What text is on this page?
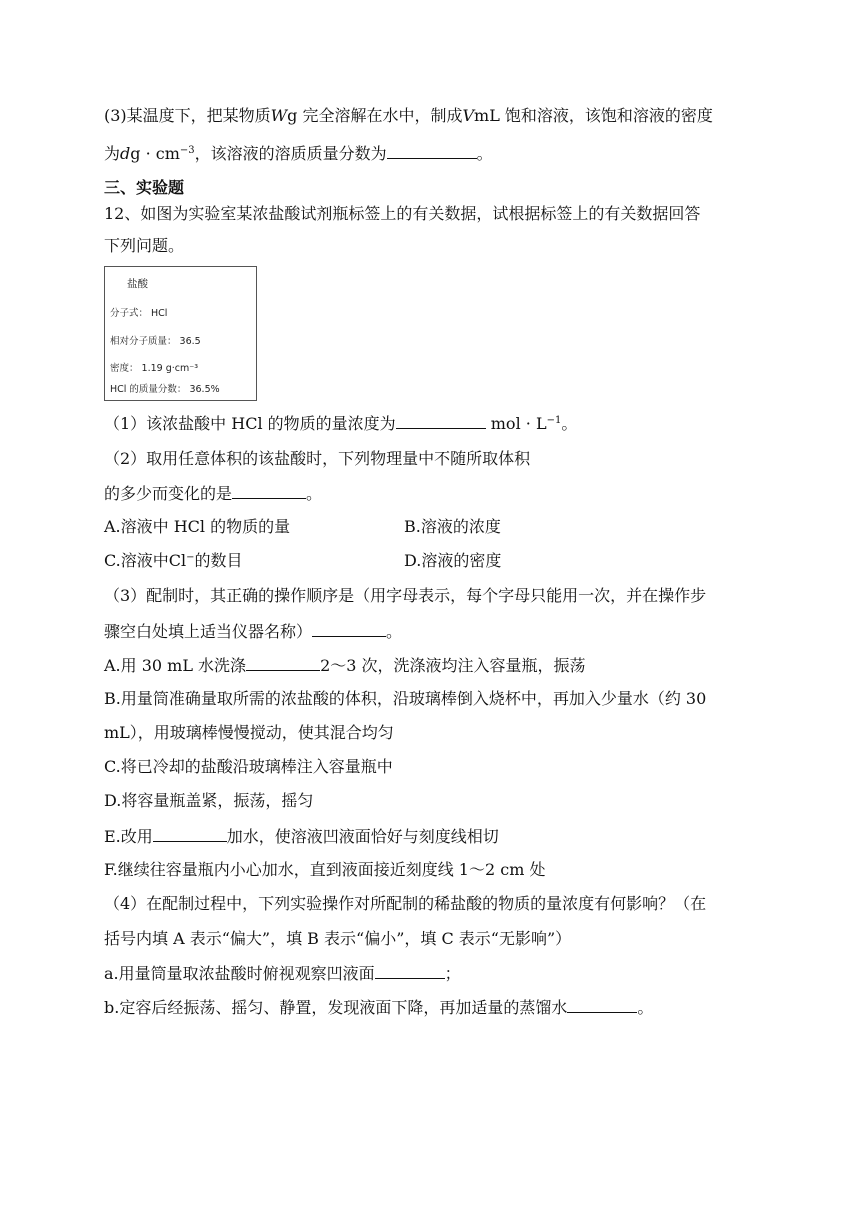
(3)某温度下，把某物质Wg 完全溶解在水中，制成VmL 饱和溶液，该饱和溶液的密度
为dg · $cm^{-3}$，该溶液的溶质质量分数为	。
三、实验题
12、如图为实验室某浓盐酸试剂瓶标签上的有关数据，试根据标签上的有关数据回答
下列问题。
盐酸
分子式： HCl
相对分子质量： 36.5
密度： 1.19 g·cm⁻³
HCl 的质量分数： 36.5%
（1）该浓盐酸中 HCl 的物质的量浓度为	mol · $L^{-1}$。
（2）取用任意体积的该盐酸时，下列物理量中不随所取体积
的多少而变化的是	。
A.溶液中 HCl 的物质的量	B.溶液的浓度
C.溶液中Cl−的数目	D.溶液的密度
（3）配制时，其正确的操作顺序是（用字母表示，每个字母只能用一次，并在操作步
骤空白处填上适当仪器名称）	。
A.用 30 mL 水洗涤	2～3 次，洗涤液均注入容量瓶，振荡
B.用量筒准确量取所需的浓盐酸的体积，沿玻璃棒倒入烧杯中，再加入少量水（约 30
mL），用玻璃棒慢慢搅动，使其混合均匀
C.将已冷却的盐酸沿玻璃棒注入容量瓶中
D.将容量瓶盖紧，振荡，摇匀
E.改用	加水，使溶液凹液面恰好与刻度线相切
F.继续往容量瓶内小心加水，直到液面接近刻度线 1～2 cm 处
（4）在配制过程中，下列实验操作对所配制的稀盐酸的物质的量浓度有何影响？（在
括号内填 A 表示“偏大”，填 B 表示“偏小”，填 C 表示“无影响”）
a.用量筒量取浓盐酸时俯视观察凹液面	；
b.定容后经振荡、摇匀、静置，发现液面下降，再加适量的蒸馏水	。
